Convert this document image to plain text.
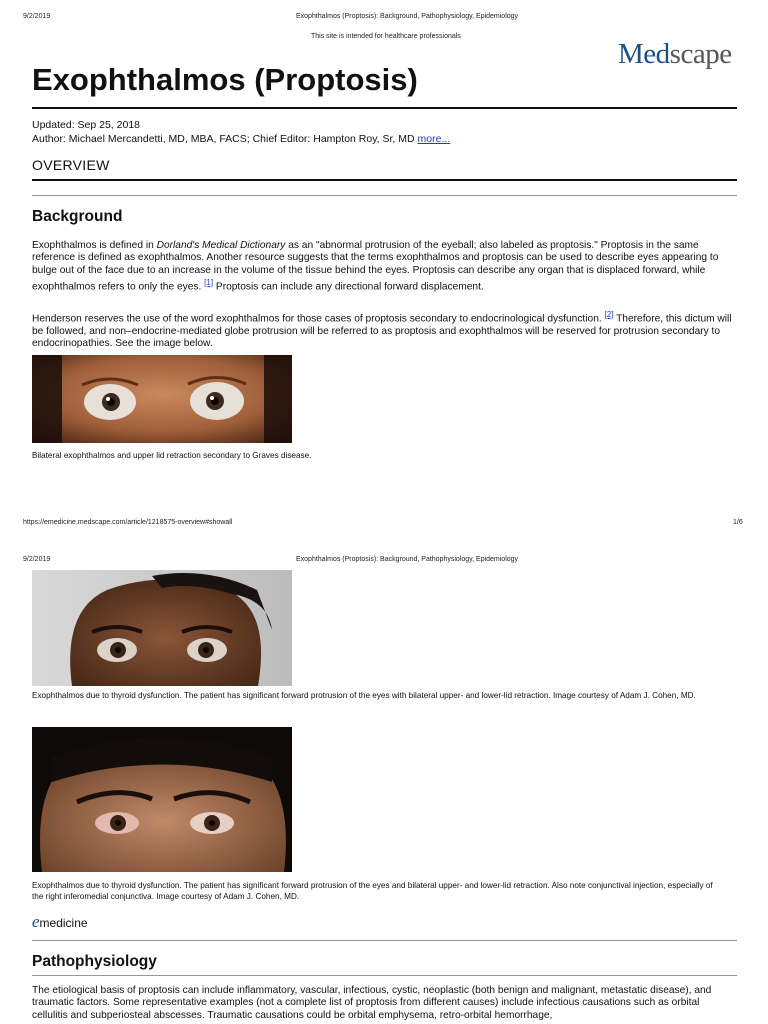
9/2/2019	Exophthalmos (Proptosis): Background, Pathophysiology, Epidemiology
This site is intended for healthcare professionals
Medscape
Exophthalmos (Proptosis)
Updated: Sep 25, 2018
Author: Michael Mercandetti, MD, MBA, FACS; Chief Editor: Hampton Roy, Sr, MD more...
OVERVIEW
Background
Exophthalmos is defined in Dorland's Medical Dictionary as an "abnormal protrusion of the eyeball; also labeled as proptosis." Proptosis in the same reference is defined as exophthalmos. Another resource suggests that the terms exophthalmos and proptosis can be used to describe eyes appearing to bulge out of the face due to an increase in the volume of the tissue behind the eyes. Proptosis can describe any organ that is displaced forward, while exophthalmos refers to only the eyes. [1] Proptosis can include any directional forward displacement.
Henderson reserves the use of the word exophthalmos for those cases of proptosis secondary to endocrinological dysfunction. [2] Therefore, this dictum will be followed, and non–endocrine-mediated globe protrusion will be referred to as proptosis and exophthalmos will be reserved for protrusion secondary to endocrinopathies. See the image below.
Bilateral exophthalmos and upper lid retraction secondary to Graves disease.
https://emedicine.medscape.com/article/1218575-overview#showall	1/6
9/2/2019	Exophthalmos (Proptosis): Background, Pathophysiology, Epidemiology
Exophthalmos due to thyroid dysfunction. The patient has significant forward protrusion of the eyes with bilateral upper- and lower-lid retraction. Image courtesy of Adam J. Cohen, MD.
Exophthalmos due to thyroid dysfunction. The patient has significant forward protrusion of the eyes and bilateral upper- and lower-lid retraction. Also note conjunctival injection, especially of the right inferomedial conjunctiva. Image courtesy of Adam J. Cohen, MD.
emedicine
Pathophysiology
The etiological basis of proptosis can include inflammatory, vascular, infectious, cystic, neoplastic (both benign and malignant, metastatic disease), and traumatic factors. Some representative examples (not a complete list of proptosis from different causes) include infectious causations such as orbital cellulitis and subperiosteal abscesses. Traumatic causations could be orbital emphysema, retro-orbital hemorrhage,
